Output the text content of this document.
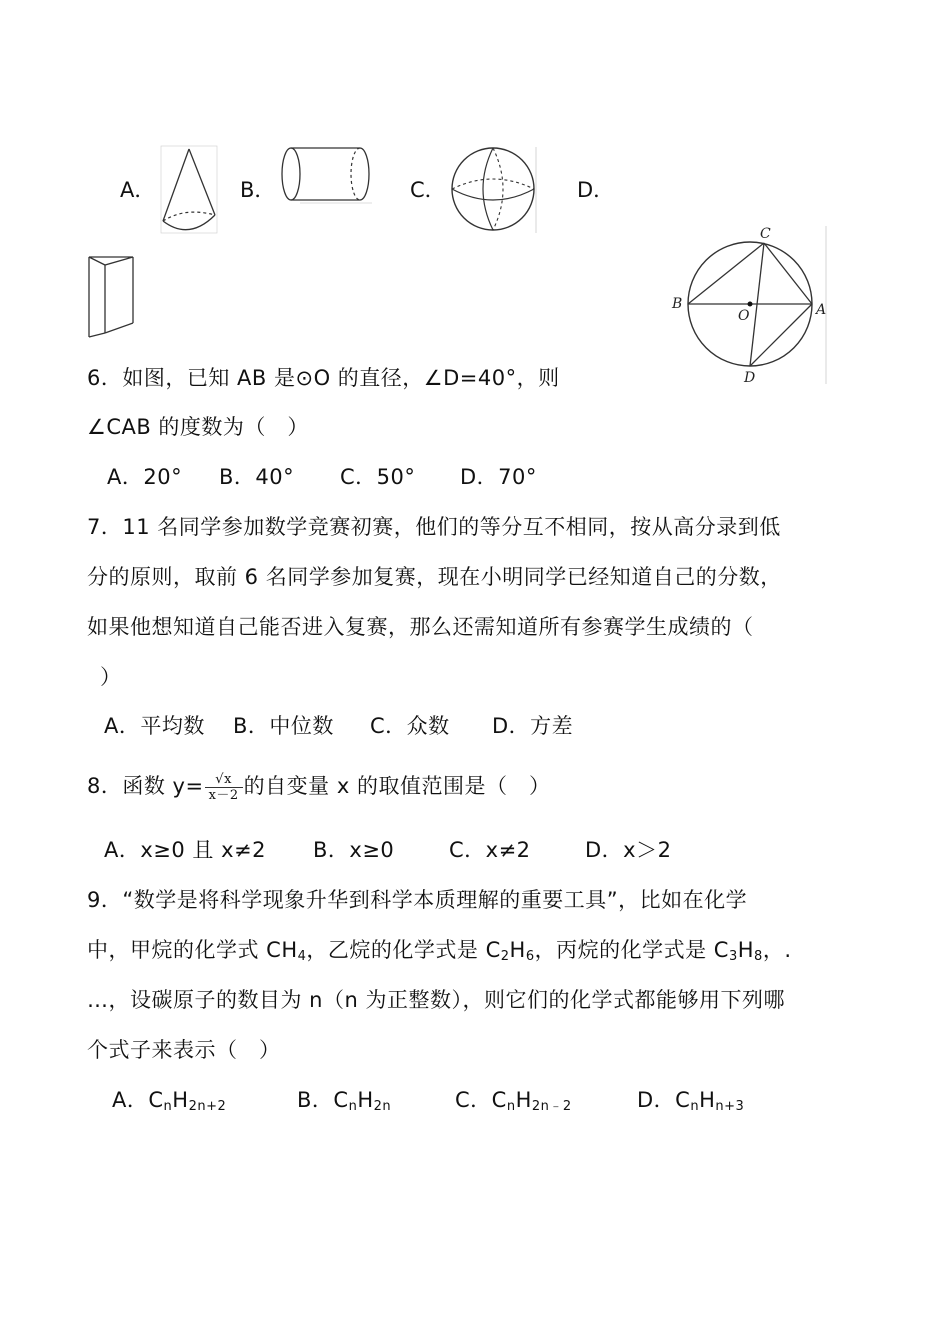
A．	B．	C．	D．
6．如图，已知 AB 是⊙O 的直径，∠D=40°，则
∠CAB 的度数为（　）
C
B
O	A
D
A．20° B．40° C．50° D．70°
7．11 名同学参加数学竞赛初赛，他们的等分互不相同，按从高分录到低
分的原则，取前 6 名同学参加复赛，现在小明同学已经知道自己的分数，
如果他想知道自己能否进入复赛，那么还需知道所有参赛学生成绩的（
）
A．平均数 B．中位数 C．众数 D．方差
8．函数 $y= \frac{√x}{x-2}$ 的自变量 x 的取值范围是（　）
A．x≥0 且 x≠2 B．x≥0	C．x≠2	D．x＞2
9．“数学是将科学现象升华到科学本质理解的重要工具”，比如在化学
中，甲烷的化学式 $CH_4$，乙烷的化学式是 $C_2H_6$，丙烷的化学式是 $C_3H_8$，.
…，设碳原子的数目为 n（n 为正整数），则它们的化学式都能够用下列哪
个式子来表示（　）
A．$C_nH_{2n+2}$	B．$C_nH_{2n}$	C．$C_nH_{2n﹣2}$	D．$C_nH_{n+3}$
